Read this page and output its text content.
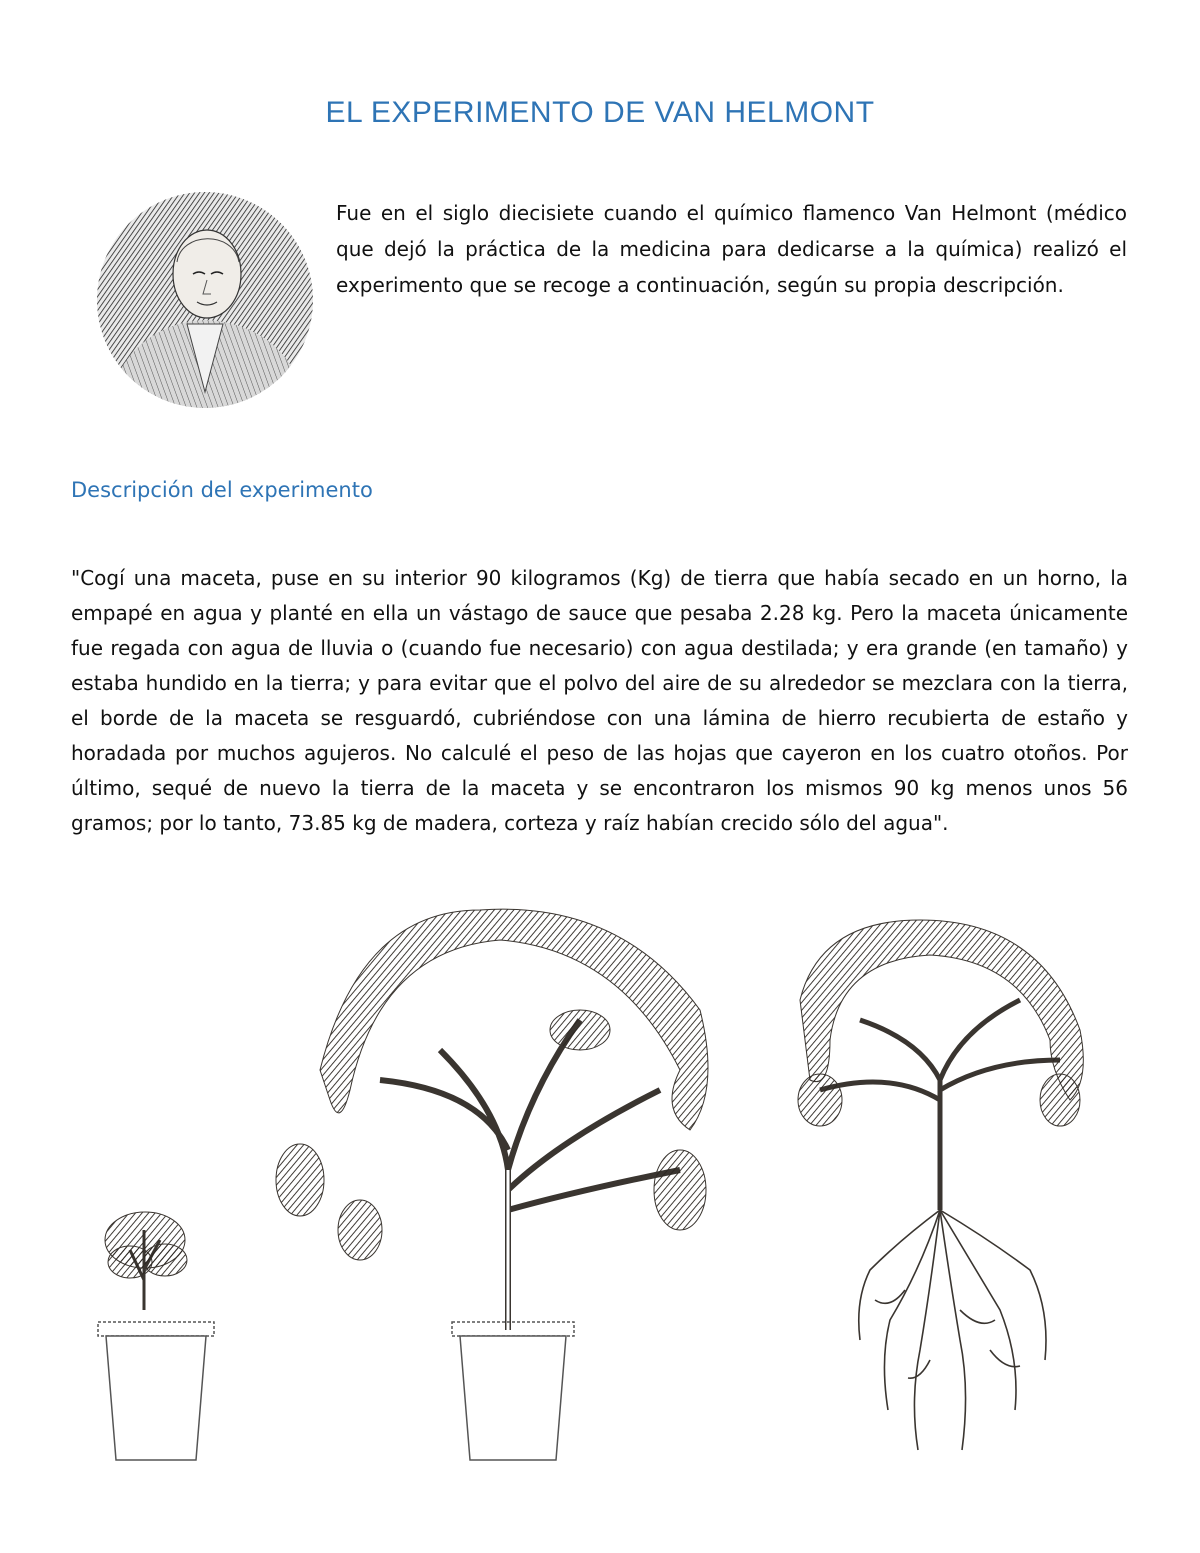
EL EXPERIMENTO DE VAN HELMONT

Fue en el siglo diecisiete cuando el químico flamenco Van Helmont (médico que dejó la práctica de la medicina para dedicarse a la química) realizó el experimento que se recoge a continuación, según su propia descripción.

Descripción del experimento

"Cogí una maceta, puse en su interior 90 kilogramos (Kg) de tierra que había secado en un horno, la empapé en agua y planté en ella un vástago de sauce que pesaba 2.28 kg. Pero la maceta únicamente fue regada con agua de lluvia o (cuando fue necesario) con agua destilada; y era grande (en tamaño) y estaba hundido en la tierra; y para evitar que el polvo del aire de su alrededor se mezclara con la tierra, el borde de la maceta se resguardó, cubriéndose con una lámina de hierro recubierta de estaño y horadada por muchos agujeros. No calculé el peso de las hojas que cayeron en los cuatro otoños. Por último, sequé de nuevo la tierra de la maceta y se encontraron los mismos 90 kg menos unos 56 gramos; por lo tanto, 73.85 kg de madera, corteza y raíz habían crecido sólo del agua".
